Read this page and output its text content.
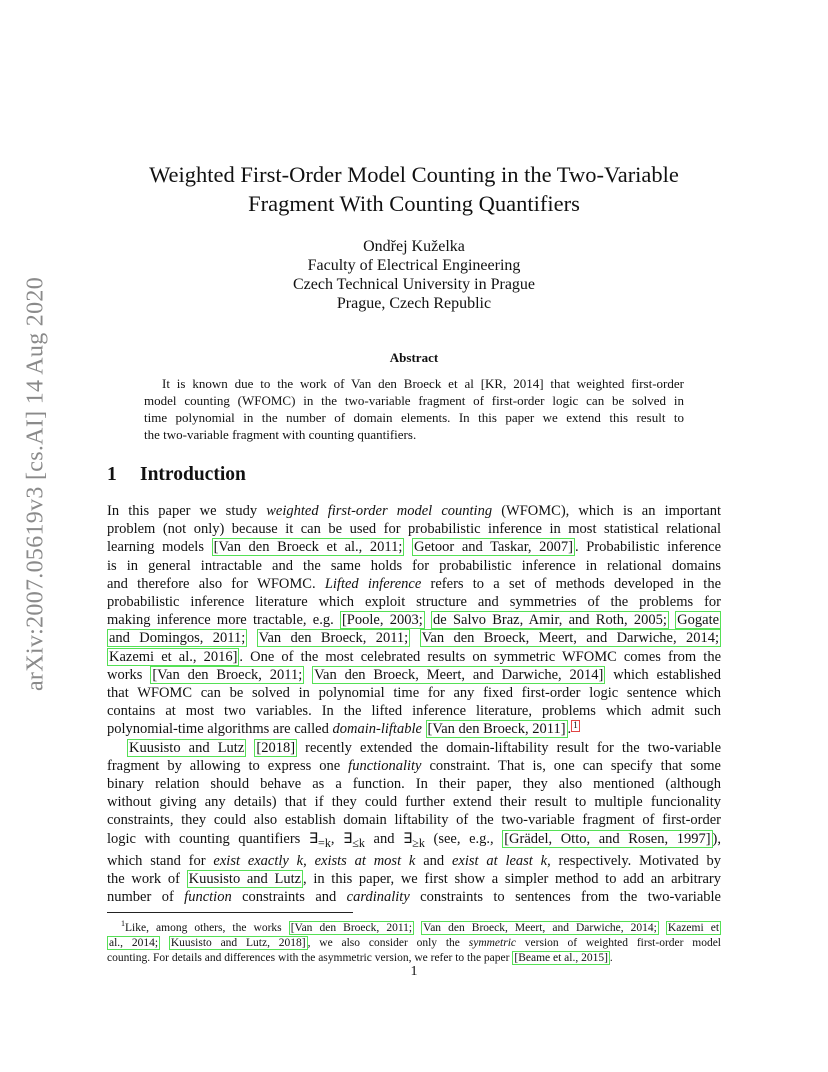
arXiv:2007.05619v3 [cs.AI] 14 Aug 2020
Weighted First-Order Model Counting in the Two-Variable
Fragment With Counting Quantifiers
Ondřej Kuželka
Faculty of Electrical Engineering
Czech Technical University in Prague
Prague, Czech Republic
Abstract
It is known due to the work of Van den Broeck et al [KR, 2014] that weighted first-order
model counting (WFOMC) in the two-variable fragment of first-order logic can be solved in
time polynomial in the number of domain elements. In this paper we extend this result to
the two-variable fragment with counting quantifiers.
1 Introduction
In this paper we study weighted first-order model counting (WFOMC), which is an important
problem (not only) because it can be used for probabilistic inference in most statistical relational
learning models [Van den Broeck et al., 2011; Getoor and Taskar, 2007] . Probabilistic inference
is in general intractable and the same holds for probabilistic inference in relational domains
and therefore also for WFOMC. Lifted inference refers to a set of methods developed in the
probabilistic inference literature which exploit structure and symmetries of the problems for
making inference more tractable, e.g. [Poole, 2003; de Salvo Braz, Amir, and Roth, 2005; Gogate
and Domingos, 2011; Van den Broeck, 2011; Van den Broeck, Meert, and Darwiche, 2014;
Kazemi et al., 2016] . One of the most celebrated results on symmetric WFOMC comes from the
works [Van den Broeck, 2011; Van den Broeck, Meert, and Darwiche, 2014] which established
that WFOMC can be solved in polynomial time for any fixed first-order logic sentence which
contains at most two variables. In the lifted inference literature, problems which admit such
polynomial-time algorithms are called domain-liftable [Van den Broeck, 2011] . $^1$
Kuusisto and Lutz [2018] recently extended the domain-liftability result for the two-variable
fragment by allowing to express one functionality constraint. That is, one can specify that some
binary relation should behave as a function. In their paper, they also mentioned (although
without giving any details) that if they could further extend their result to multiple funcionality
constraints, they could also establish domain liftability of the two-variable fragment of first-order
logic with counting quantifiers $\exists_{=k}$, $\exists_{\le k}$ and $\exists_{\ge k}$ (see, e.g., [Grädel, Otto, and Rosen, 1997] ),
which stand for exist exactly k, exists at most k and exist at least k, respectively. Motivated by
the work of Kuusisto and Lutz , in this paper, we first show a simpler method to add an arbitrary
number of function constraints and cardinality constraints to sentences from the two-variable
$^1$Like, among others, the works [Van den Broeck, 2011; Van den Broeck, Meert, and Darwiche, 2014; Kazemi et
al., 2014; Kuusisto and Lutz, 2018] , we also consider only the symmetric version of weighted first-order model
counting. For details and differences with the asymmetric version, we refer to the paper [Beame et al., 2015] .
1
